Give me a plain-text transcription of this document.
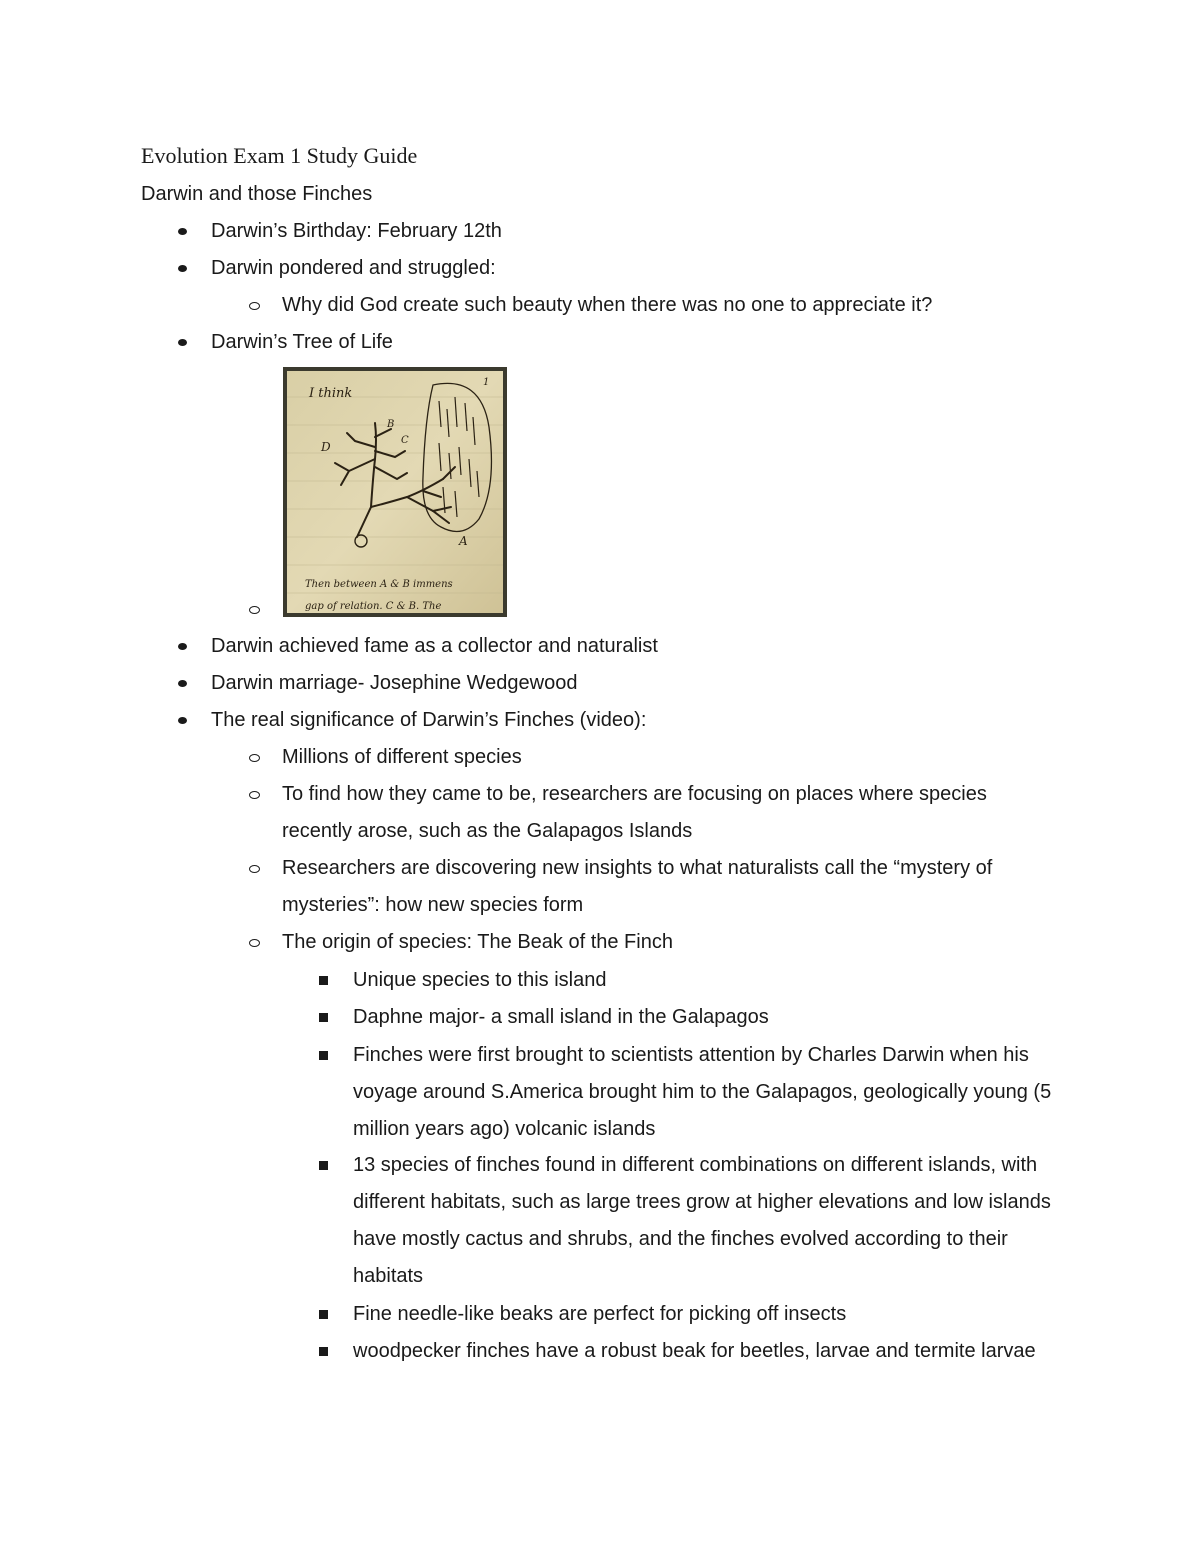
Evolution Exam 1 Study Guide
Darwin and those Finches
Darwin’s Birthday: February 12th
Darwin pondered and struggled:
Why did God create such beauty when there was no one to appreciate it?
Darwin’s Tree of Life
I think
Then between A & B immens
gap of relation. C & B. The
1
A
B
C
D
Darwin achieved fame as a collector and naturalist
Darwin marriage- Josephine Wedgewood
The real significance of Darwin’s Finches (video):
Millions of different species
To find how they came to be, researchers are focusing on places where species recently arose, such as the Galapagos Islands
Researchers are discovering new insights to what naturalists call the “mystery of mysteries”: how new species form
The origin of species: The Beak of the Finch
Unique species to this island
Daphne major- a small island in the Galapagos
Finches were first brought to scientists attention by Charles Darwin when his voyage around S.America brought him to the Galapagos, geologically young (5 million years ago) volcanic islands
13 species of finches found in different combinations on different islands, with different habitats, such as large trees grow at higher elevations and low islands have mostly cactus and shrubs, and the finches evolved according to their habitats
Fine needle-like beaks are perfect for picking off insects
woodpecker finches have a robust beak for beetles, larvae and termite larvae
